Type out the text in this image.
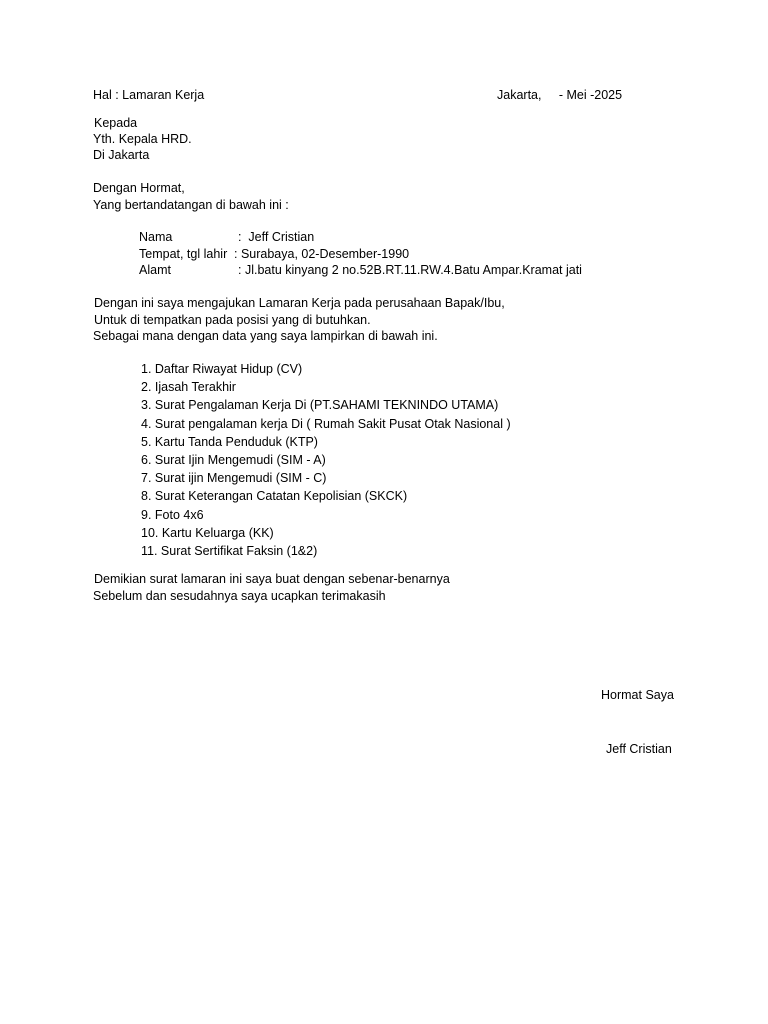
Hal : Lamaran Kerja	Jakarta,     - Mei -2025
Kepada
Yth. Kepala HRD.
Di Jakarta
Dengan Hormat,
Yang bertandatangan di bawah ini :
Nama	:  Jeff Cristian
Tempat, tgl lahir : Surabaya, 02-Desember-1990
Alamt	: Jl.batu kinyang 2 no.52B.RT.11.RW.4.Batu Ampar.Kramat jati
Dengan ini saya mengajukan Lamaran Kerja pada perusahaan Bapak/Ibu,
Untuk di tempatkan pada posisi yang di butuhkan.
Sebagai mana dengan data yang saya lampirkan di bawah ini.
1. Daftar Riwayat Hidup (CV)
2. Ijasah Terakhir
3. Surat Pengalaman Kerja Di (PT.SAHAMI TEKNINDO UTAMA)
4. Surat pengalaman kerja Di ( Rumah Sakit Pusat Otak Nasional )
5. Kartu Tanda Penduduk (KTP)
6. Surat Ijin Mengemudi (SIM - A)
7. Surat ijin Mengemudi (SIM - C)
8. Surat Keterangan Catatan Kepolisian (SKCK)
9. Foto 4x6
10. Kartu Keluarga (KK)
11. Surat Sertifikat Faksin (1&2)
Demikian surat lamaran ini saya buat dengan sebenar-benarnya
Sebelum dan sesudahnya saya ucapkan terimakasih
Hormat Saya
Jeff Cristian
